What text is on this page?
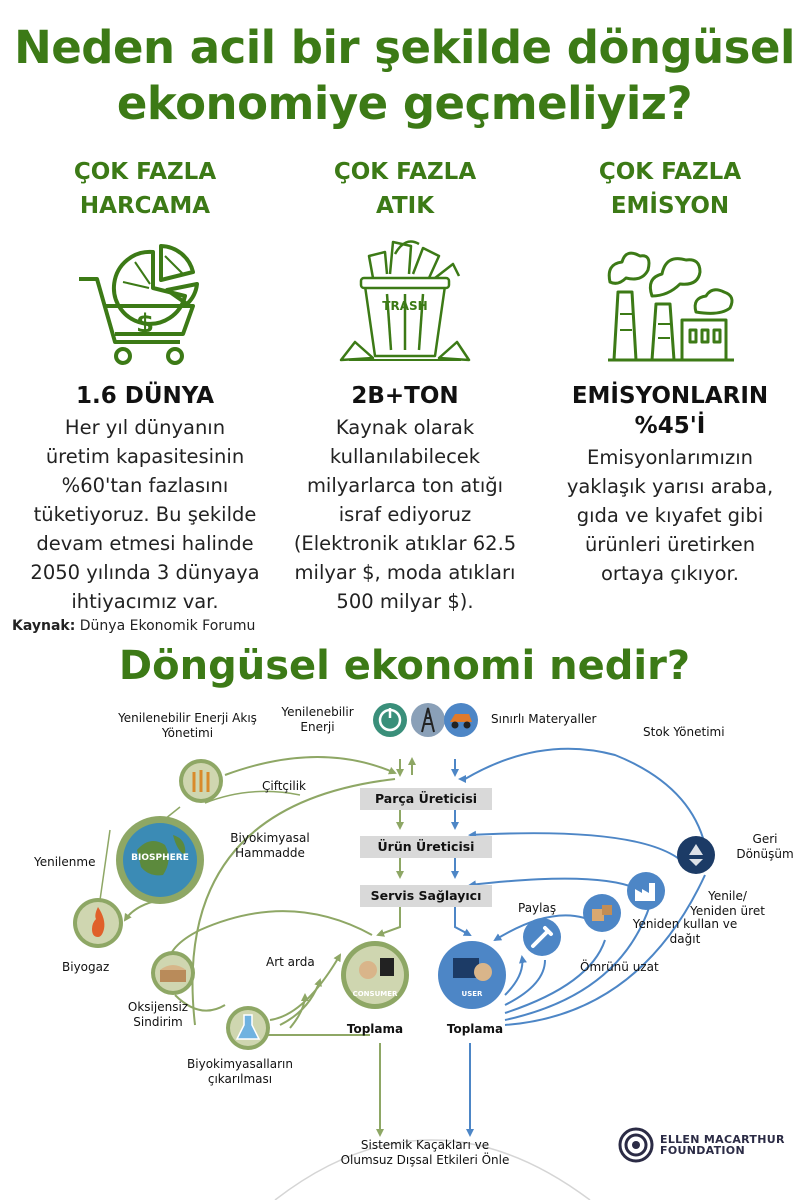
Neden acil bir şekilde döngüsel
ekonomiye geçmeliyiz?
ÇOK FAZLA
HARCAMA
$
1.6 DÜNYA
Her yıl dünyanın
üretim kapasitesinin
%60'tan fazlasını
tüketiyoruz. Bu şekilde
devam etmesi halinde
2050 yılında 3 dünyaya
ihtiyacımız var.
ÇOK FAZLA
ATIK
TRASH
2B+TON
Kaynak olarak
kullanılabilecek
milyarlarca ton atığı
israf ediyoruz
(Elektronik atıklar 62.5
milyar $, moda atıkları
500 milyar $).
ÇOK FAZLA
EMİSYON
EMİSYONLARIN
%45'İ
Emisyonlarımızın
yaklaşık yarısı araba,
gıda ve kıyafet gibi
ürünleri üretirken
ortaya çıkıyor.
Kaynak: Dünya Ekonomik Forumu
Döngüsel ekonomi nedir?
BIOSPHERE
CONSUMER	USER
Parça Üreticisi
Ürün Üreticisi
Servis Sağlayıcı
Yenilenebilir Enerji Akış
Yönetimi
Yenilenebilir
Enerji
Sınırlı Materyaller
Stok Yönetimi
Çiftçilik
Biyokimyasal
Hammadde
Yenilenme
Biyogaz
Oksijensiz
Sindirim
Art arda
Biyokimyasalların
çıkarılması
Toplama	Toplama
Paylaş
Ömrünü uzat
Yeniden kullan ve
dağıt
Yenile/
Yeniden üret
Geri
Dönüşüm
Sistemik Kaçakları ve
Olumsuz Dışsal Etkileri Önle
ELLEN MACARTHUR
FOUNDATION
